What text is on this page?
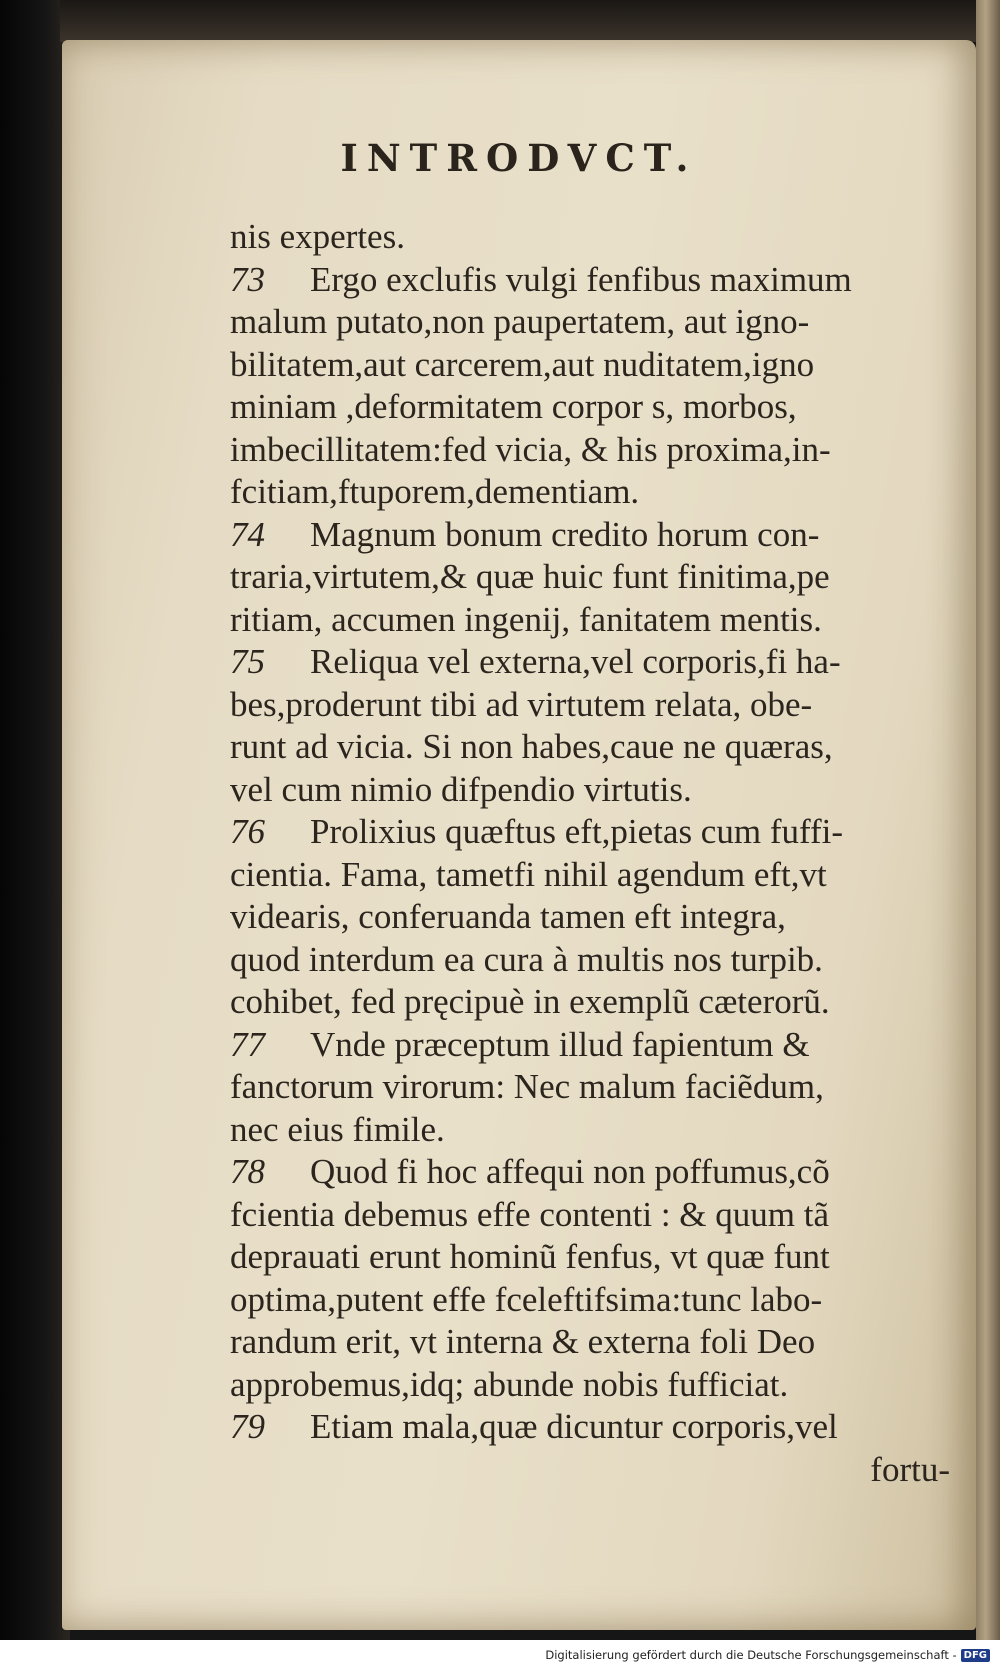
INTRODVCT.
nis expertes.
73 Ergo exclufis vulgi fenfibus maximum
malum putato,non paupertatem, aut igno-
bilitatem,aut carcerem,aut nuditatem,igno
miniam ,deformitatem corpor s, morbos,
imbecillitatem:fed vicia, & his proxima,in-
fcitiam,ftuporem,dementiam.
74 Magnum bonum credito horum con-
traria,virtutem,& quæ huic funt finitima,pe
ritiam, accumen ingenij, fanitatem mentis.
75 Reliqua vel externa,vel corporis,fi ha-
bes,proderunt tibi ad virtutem relata, obe-
runt ad vicia. Si non habes,caue ne quæras,
vel cum nimio difpendio virtutis.
76 Prolixius quæftus eft,pietas cum fuffi-
cientia. Fama, tametfi nihil agendum eft,vt
videaris, conferuanda tamen eft integra,
quod interdum ea cura à multis nos turpib.
cohibet, fed pręcipuè in exemplũ cæterorũ.
77 Vnde præceptum illud fapientum &
fanctorum virorum: Nec malum faciẽdum,
nec eius fimile.
78 Quod fi hoc affequi non poffumus,cõ
fcientia debemus effe contenti : & quum tã
deprauati erunt hominũ fenfus, vt quæ funt
optima,putent effe fceleftifsima:tunc labo-
randum erit, vt interna & externa foli Deo
approbemus,idq; abunde nobis fufficiat.
79 Etiam mala,quæ dicuntur corporis,vel
fortu-
Digitalisierung gefördert durch die Deutsche Forschungsgemeinschaft - DFG
